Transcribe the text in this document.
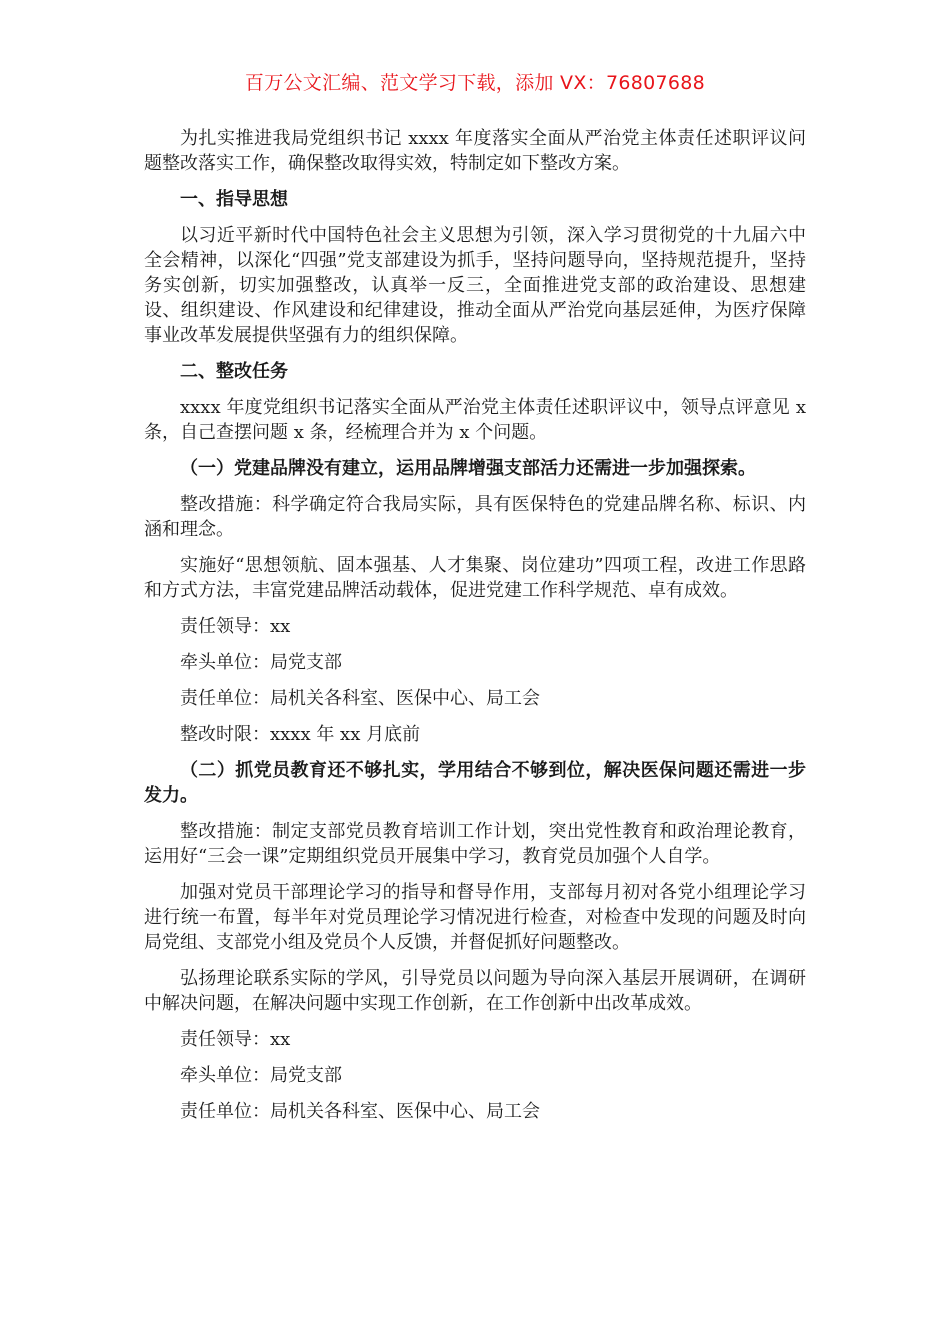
百万公文汇编、范文学习下载，添加 VX：76807688

为扎实推进我局党组织书记 xxxx 年度落实全面从严治党主体责任述职评议问题整改落实工作，确保整改取得实效，特制定如下整改方案。

一、指导思想

以习近平新时代中国特色社会主义思想为引领，深入学习贯彻党的十九届六中全会精神，以深化“四强”党支部建设为抓手，坚持问题导向，坚持规范提升，坚持务实创新，切实加强整改，认真举一反三，全面推进党支部的政治建设、思想建设、组织建设、作风建设和纪律建设，推动全面从严治党向基层延伸，为医疗保障事业改革发展提供坚强有力的组织保障。

二、整改任务

xxxx 年度党组织书记落实全面从严治党主体责任述职评议中，领导点评意见 x 条，自己查摆问题 x 条，经梳理合并为 x 个问题。

（一）党建品牌没有建立，运用品牌增强支部活力还需进一步加强探索。

整改措施：科学确定符合我局实际，具有医保特色的党建品牌名称、标识、内涵和理念。

实施好“思想领航、固本强基、人才集聚、岗位建功”四项工程，改进工作思路和方式方法，丰富党建品牌活动载体，促进党建工作科学规范、卓有成效。

责任领导：xx

牵头单位：局党支部

责任单位：局机关各科室、医保中心、局工会

整改时限：xxxx 年 xx 月底前

（二）抓党员教育还不够扎实，学用结合不够到位，解决医保问题还需进一步发力。

整改措施：制定支部党员教育培训工作计划，突出党性教育和政治理论教育，运用好“三会一课”定期组织党员开展集中学习，教育党员加强个人自学。

加强对党员干部理论学习的指导和督导作用，支部每月初对各党小组理论学习进行统一布置，每半年对党员理论学习情况进行检查，对检查中发现的问题及时向局党组、支部党小组及党员个人反馈，并督促抓好问题整改。

弘扬理论联系实际的学风，引导党员以问题为导向深入基层开展调研，在调研中解决问题，在解决问题中实现工作创新，在工作创新中出改革成效。

责任领导：xx

牵头单位：局党支部

责任单位：局机关各科室、医保中心、局工会
